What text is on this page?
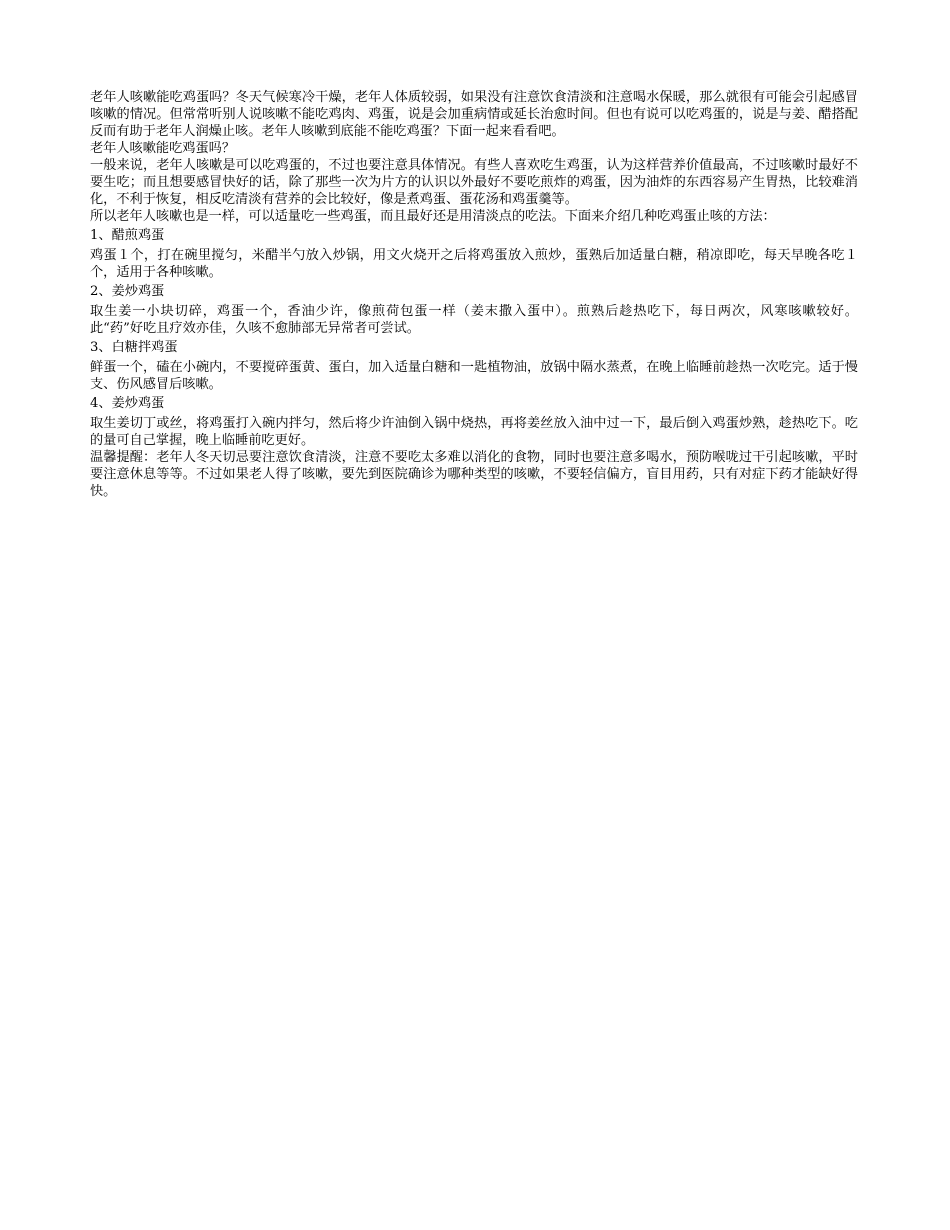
老年人咳嗽能吃鸡蛋吗？冬天气候寒冷干燥，老年人体质较弱，如果没有注意饮食清淡和注意喝水保暖，那么就很有可能会引起感冒咳嗽的情况。但常常听别人说咳嗽不能吃鸡肉、鸡蛋，说是会加重病情或延长治愈时间。但也有说可以吃鸡蛋的，说是与姜、醋搭配反而有助于老年人润燥止咳。老年人咳嗽到底能不能吃鸡蛋？下面一起来看看吧。

老年人咳嗽能吃鸡蛋吗？

一般来说，老年人咳嗽是可以吃鸡蛋的，不过也要注意具体情况。有些人喜欢吃生鸡蛋，认为这样营养价值最高，不过咳嗽时最好不要生吃；而且想要感冒快好的话，除了那些一次为片方的认识以外最好不要吃煎炸的鸡蛋，因为油炸的东西容易产生胃热，比较难消化，不利于恢复，相反吃清淡有营养的会比较好，像是煮鸡蛋、蛋花汤和鸡蛋羹等。

所以老年人咳嗽也是一样，可以适量吃一些鸡蛋，而且最好还是用清淡点的吃法。下面来介绍几种吃鸡蛋止咳的方法：

1、醋煎鸡蛋

鸡蛋１个，打在碗里搅匀，米醋半勺放入炒锅，用文火烧开之后将鸡蛋放入煎炒，蛋熟后加适量白糖，稍凉即吃，每天早晚各吃１个，适用于各种咳嗽。

2、姜炒鸡蛋

取生姜一小块切碎，鸡蛋一个，香油少许，像煎荷包蛋一样（姜末撒入蛋中）。煎熟后趁热吃下，每日两次，风寒咳嗽较好。此“药”好吃且疗效亦佳，久咳不愈肺部无异常者可尝试。

3、白糖拌鸡蛋

鲜蛋一个，磕在小碗内，不要搅碎蛋黄、蛋白，加入适量白糖和一匙植物油，放锅中隔水蒸煮，在晚上临睡前趁热一次吃完。适于慢支、伤风感冒后咳嗽。

4、姜炒鸡蛋

取生姜切丁或丝，将鸡蛋打入碗内拌匀，然后将少许油倒入锅中烧热，再将姜丝放入油中过一下，最后倒入鸡蛋炒熟，趁热吃下。吃的量可自己掌握，晚上临睡前吃更好。

温馨提醒：老年人冬天切忌要注意饮食清淡，注意不要吃太多难以消化的食物，同时也要注意多喝水，预防喉咙过干引起咳嗽，平时要注意休息等等。不过如果老人得了咳嗽，要先到医院确诊为哪种类型的咳嗽，不要轻信偏方，盲目用药，只有对症下药才能缺好得快。
